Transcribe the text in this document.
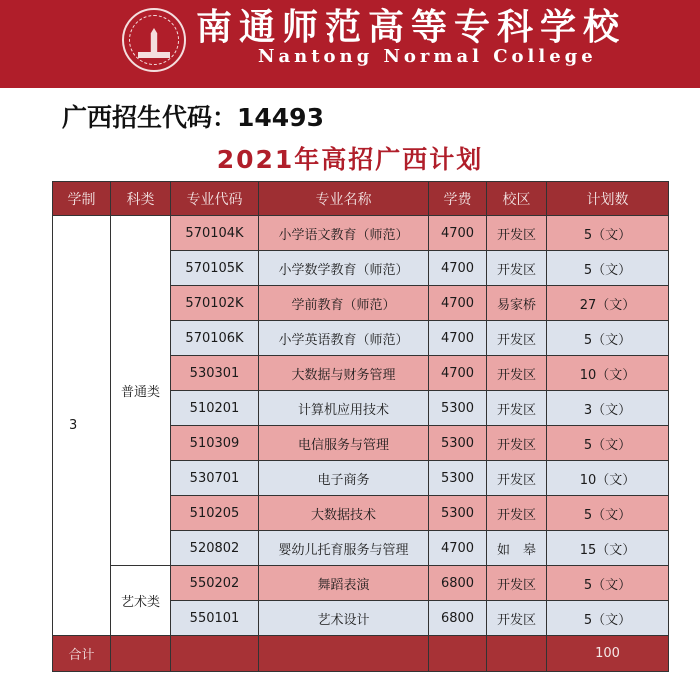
南通师范高等专科学校
Nantong Normal College
广西招生代码：14493
2021年高招广西计划
学制	科类	专业代码	专业名称	学费	校区	计划数
3	普通类	570104K	小学语文教育（师范）	4700	开发区	5（文）
		570105K	小学数学教育（师范）	4700	开发区	5（文）
		570102K	学前教育（师范）	4700	易家桥	27（文）
		570106K	小学英语教育（师范）	4700	开发区	5（文）
		530301	大数据与财务管理	4700	开发区	10（文）
		510201	计算机应用技术	5300	开发区	3（文）
		510309	电信服务与管理	5300	开发区	5（文）
		530701	电子商务	5300	开发区	10（文）
		510205	大数据技术	5300	开发区	5（文）
		520802	婴幼儿托育服务与管理	4700	如　皋	15（文）
	艺术类	550202	舞蹈表演	6800	开发区	5（文）
		550101	艺术设计	6800	开发区	5（文）
合计						100
